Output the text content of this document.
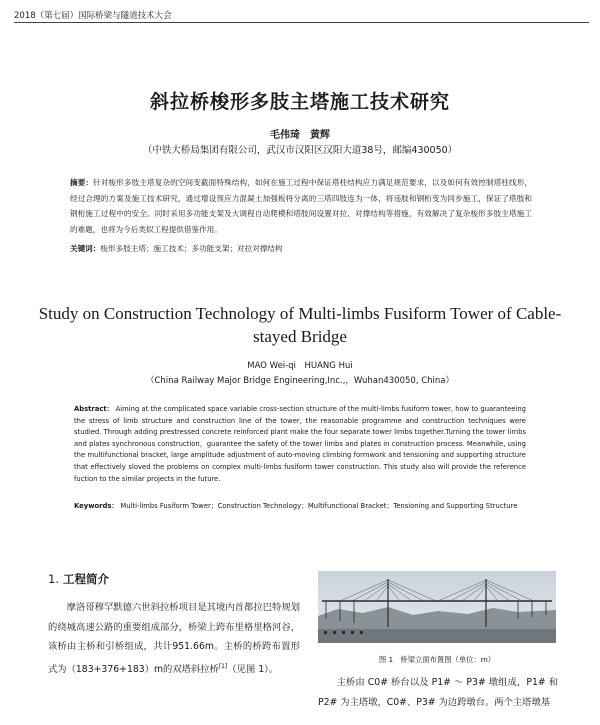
2018（第七届）国际桥梁与隧道技术大会
斜拉桥梭形多肢主塔施工技术研究
毛伟琦　黄辉
（中铁大桥局集团有限公司，武汉市汉阳区汉阳大道38号，邮编430050）
摘要：针对梭形多肢主塔复杂的空间变截面特殊结构，如何在施工过程中保证塔柱结构应力满足规范要求，以及如何有效控制塔柱线形，经过合理的方案及施工技术研究，通过增设预应力混凝土加强板将分离的三塔四肢连为一体，将违肢和钢桁变为同步施工，保证了塔肢和钢桁施工过程中的安全。同时采用多功能支架及大调程自动爬模和塔肢间设置对拉、对撑结构等措施，有效解决了复杂梭形多肢主塔施工的难题，也将为今后类似工程提供借鉴作用。
关键词：梭形多肢主塔；施工技术；多功能支架；对拉对撑结构
Study on Construction Technology of Multi-limbs Fusiform Tower of Cable-stayed Bridge
MAO Wei-qi　HUANG Hui
（China Railway Major Bridge Engineering,Inc.,，Wuhan430050, China）
Abstract： Aiming at the complicated space variable cross-section structure of the multi-limbs fusiform tower, how to guaranteeing the stress of limb structure and construction line of the tower, the reasonable programme and construction techniques were studied. Through adding prestressed concrete reinforced plant make the four separate tower limbs together.Turning the tower limbs and plates synchronous construction，guarantee the safety of the tower limbs and plates in construction process. Meanwhile, using the multifunctional bracket, large amplitude adjustment of auto-moving climbing formwork and tensioning and supporting structure that effectively sloved the problems on complex multi-limbs fusiform tower construction. This study also will provide the reference fuction to the similar projects in the future.
Keywords： Multi-limbs Fusiform Tower；Construction Technology；Multifunctional Bracket；Tensioning and Supporting Structure
1. 工程简介
摩洛哥穆罕默德六世斜拉桥项目是其境内首都拉巴特规划的绕城高速公路的重要组成部分，桥梁上跨布里格里格河谷，该桥由主桥和引桥组成，共计951.66m。主桥的桥跨布置形式为（183+376+183）m的双塔斜拉桥[1]（见图 1）。
图 1　桥梁立面布置图（单位：m）
主桥由 C0# 桥台以及 P1# ～ P3# 墩组成，P1# 和 P2# 为主塔墩，C0#、P3# 为边跨墩台。两个主塔墩基
